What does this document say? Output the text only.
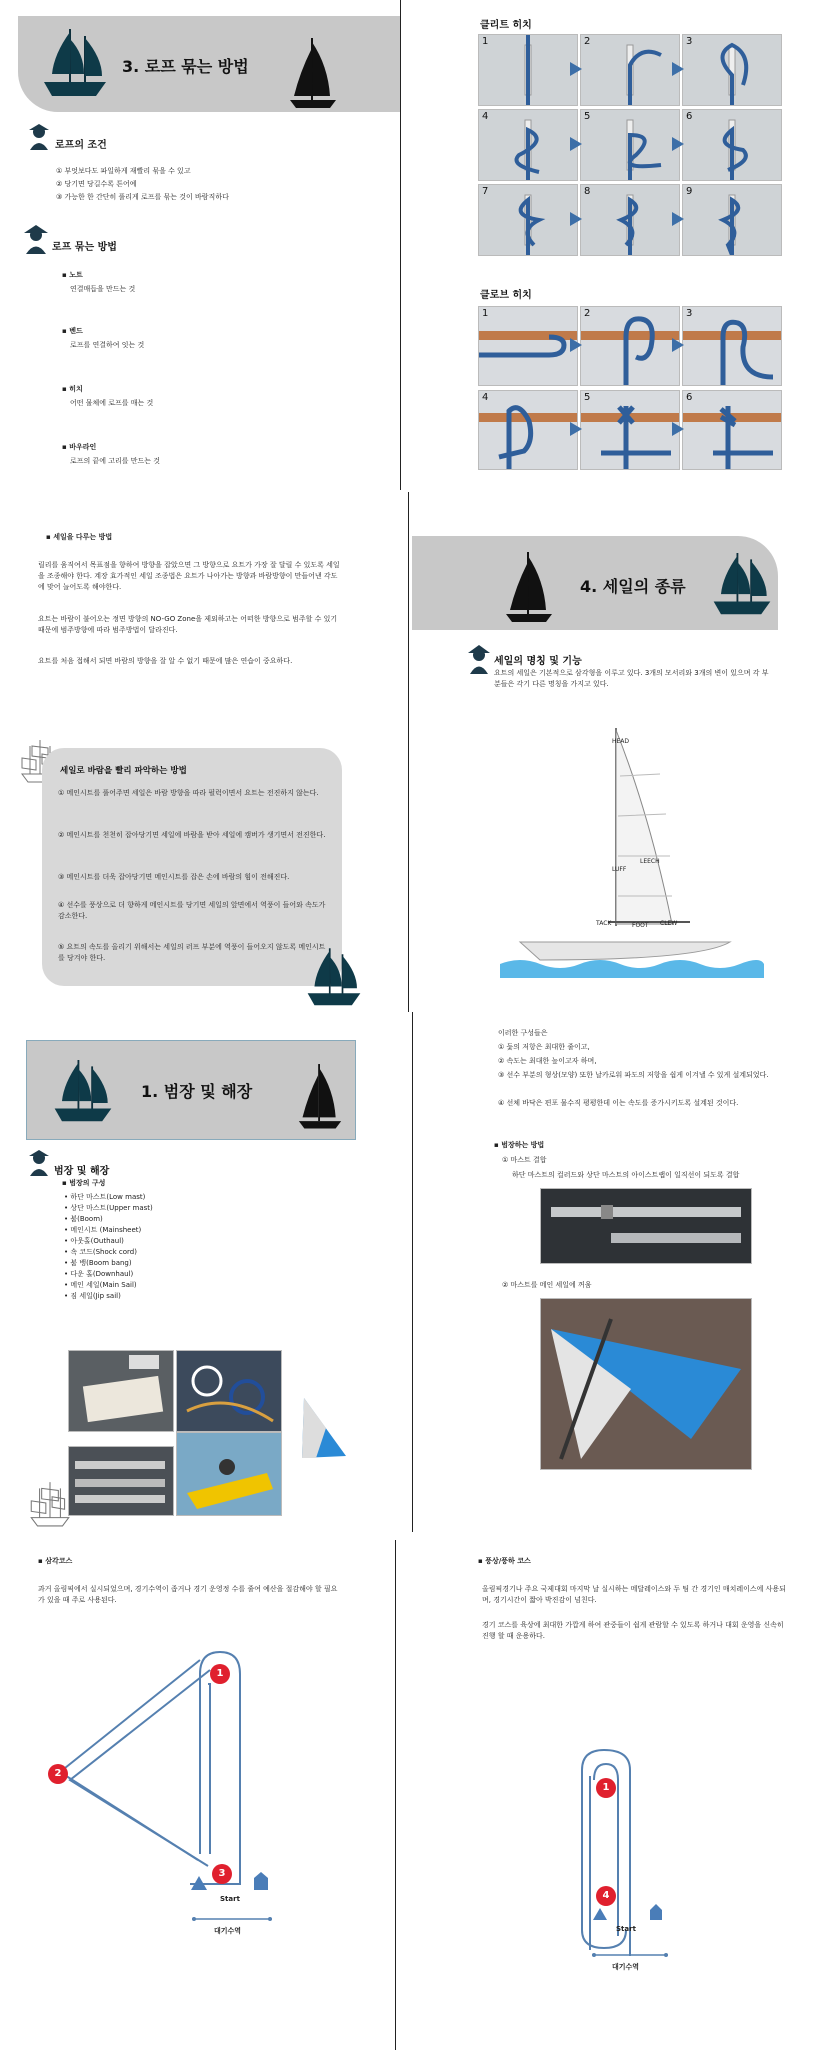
3. 로프 묶는 방법
로프의 조건
① 부엇보다도 파일하게 재빨리 묶을 수 있고
② 당기면 당길수록 튼어예
③ 가능한 한 간단히 풀리게 로프를 묶는 것이 바람직하다
로프 묶는 방법
▪ 노트
연결매듭을 만드는 것
▪ 벤드
로프를 연결하여 잇는 것
▪ 히치
어떤 물체에 로프를 매는 것
▪ 바우라인
로프의 끝에 고리를 만드는 것
클리트 히치
1	2	3
4	5	6
7	8	9
클로브 히치
1	2	3
4	5	6
▪ 세일을 다루는 방법
릴리를 움직여서 목표점을 향하여 방향을 잡았으면 그 방향으로 요트가 가장 잘 달릴 수 있도록 세일을 조종해야 한다. 계장 효가적인 세일 조종법은 요트가 나아가는 방향과 바람방향이 만들어낸 각도에 맞어 늘어도록 해야한다.
요트는 바람이 불어오는 정면 방향의 NO-GO Zone을 제외하고는 어떠한 방향으로 범주할 수 있기 때문에 범주방향에 따라 범주방법이 달라진다.
요트를 처음 접해서 되면 바람의 방향을 잘 알 수 없기 때문에 많은 연습이 중요하다.
세일로 바람을 빨리 파악하는 방법
① 메인시트를 풀어주면 세일은 바람 방향을 따라 펄럭이면서 요트는 전진하지 않는다.
② 메인시트를 천천히 잡아당기면 세일에 바람을 받아 세일에 캠버가 생기면서 전진한다.
③ 메인시트를 더욱 잡아당기면 메인시트를 잡은 손에 바람의 힘이 전해진다.
④ 선수를 풍상으로 더 향하게 메인시트를 당기면 세일의 앞면에서 역풍이 들어와 속도가 감소한다.
⑤ 요트의 속도를 올리기 위해서는 세일의 러프 부분에 역풍이 들어오지 않도록 메인시트를 당겨야 한다.
4. 세일의 종류
세일의 명칭 및 기능
요트의 세일은 기본적으로 삼각형을 이루고 있다. 3개의 모서리와 3개의 변이 있으며 각 부분들은 각기 다른 명칭을 가지고 있다.
HEAD
LUFF
LEECH
TACK	FOOT CLEW
1. 범장 및 해장
범장 및 해장
▪ 범장의 구성
• 하단 마스트(Low mast)
• 상단 마스트(Upper mast)
• 붐(Boom)
• 메인시트 (Mainsheet)
• 아웃홀(Outhaul)
• 쇽 코드(Shock cord)
• 붐 뱅(Boom bang)
• 다운 홀(Downhaul)
• 메인 세일(Main Sail)
• 짐 세일(Jip sail)
이러한 구성들은
① 돛의 저항은 최대한 줄이고,
② 속도는 최대한 높이고자 하며,
③ 선수 부분의 형상(모양) 또한 날카로워 파도의 저항을 쉽게 이겨낼 수 있게 설계되었다.
④ 선체 바닥은 편포 물수직 평평한데 이는 속도를 증가시키도록 설계된 것이다.
▪ 범장하는 방법
① 마스트 결합
하단 마스트의 컬러드와 상단 마스트의 아이스트랩이 일직선이 되도록 결합
② 마스트를 메인 세일에 꺼움
▪ 삼각코스
과거 올림픽에서 실시되었으며, 경기수역이 좁거나 경기 운영정 수를 줄여 예산을 절감해야 할 필요가 있을 때 주로 사용된다.
1
2
3
Start
대기수역
▪ 풍상/풍하 코스
올림픽경기나 주요 국제대회 마지막 날 실시하는 메달레이스와 두 팀 간 경기인 매치레이스에 사용되며, 경기시간이 짧아 박진감이 넘친다.
경기 코스를 육상에 최대한 가깝게 하여 관중들이 쉽게 관람할 수 있도록 하거나 대회 운영을 신속히 진행 할 때 운용하다.
1
4
Start
대기수역
